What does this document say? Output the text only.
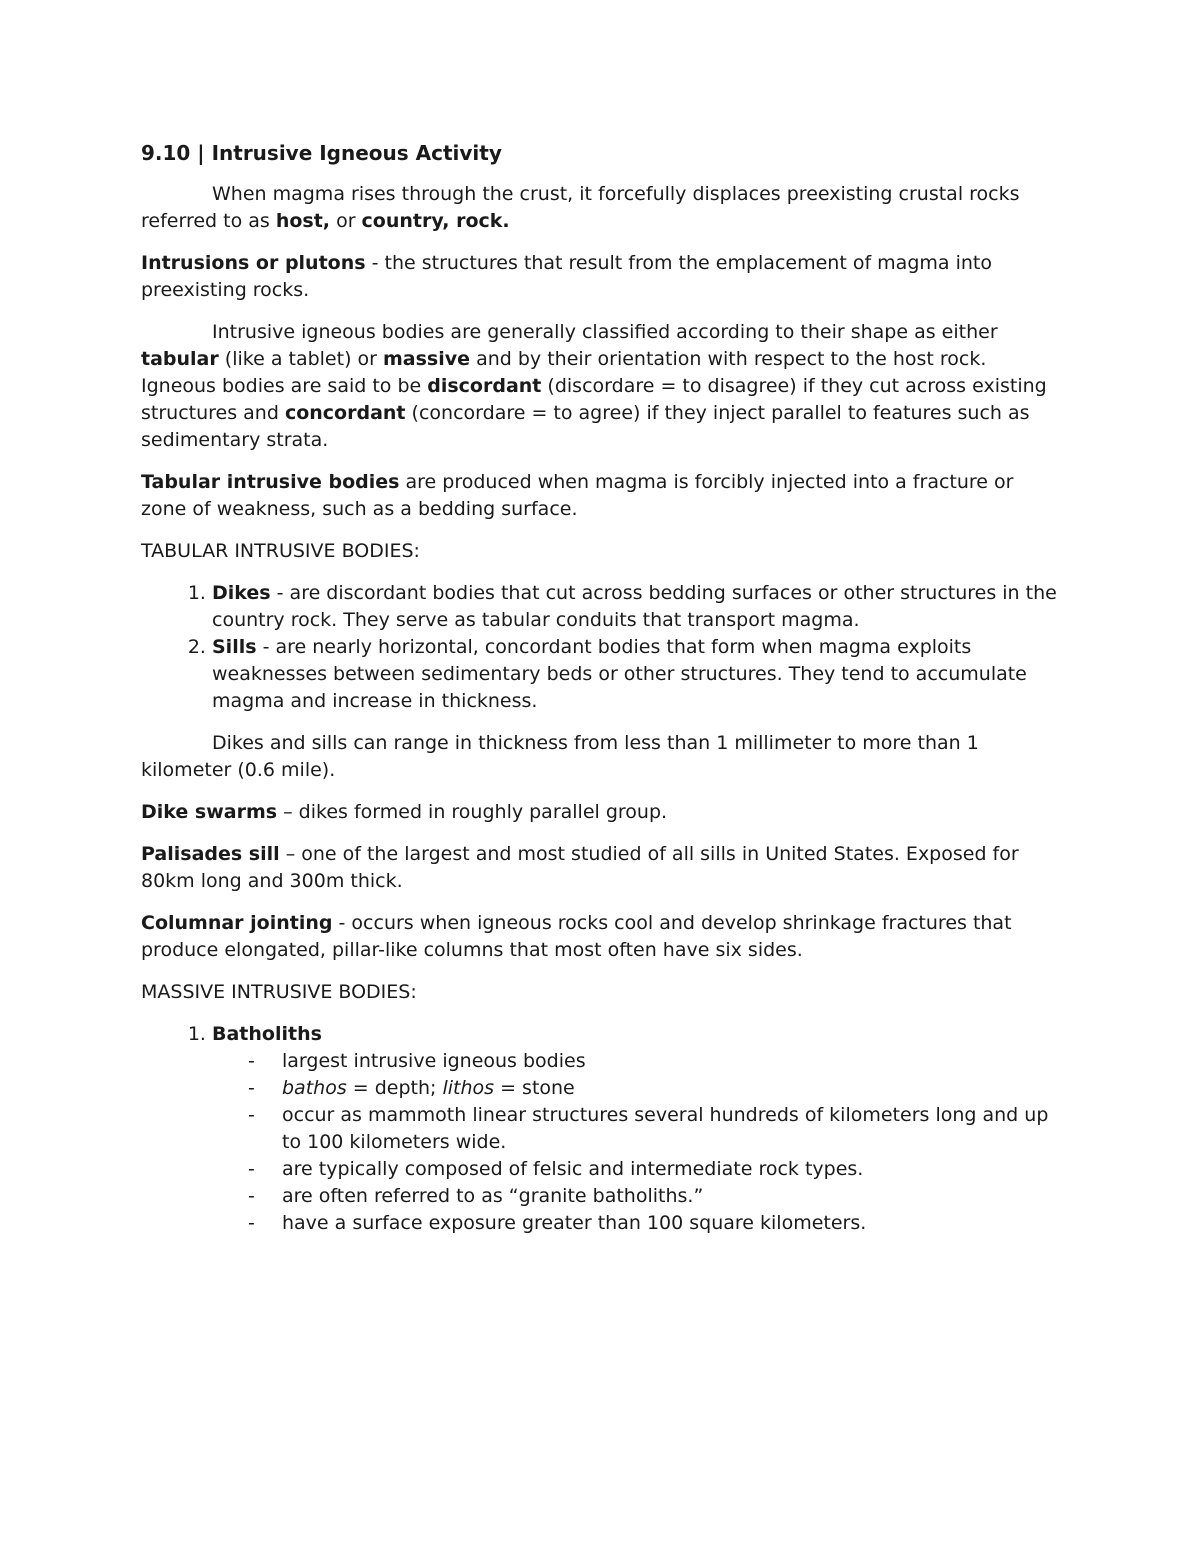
9.10 | Intrusive Igneous Activity

When magma rises through the crust, it forcefully displaces preexisting crustal rocks referred to as host, or country, rock.

Intrusions or plutons - the structures that result from the emplacement of magma into preexisting rocks.

Intrusive igneous bodies are generally classified according to their shape as either tabular (like a tablet) or massive and by their orientation with respect to the host rock. Igneous bodies are said to be discordant (discordare = to disagree) if they cut across existing structures and concordant (concordare = to agree) if they inject parallel to features such as sedimentary strata.

Tabular intrusive bodies are produced when magma is forcibly injected into a fracture or zone of weakness, such as a bedding surface.

TABULAR INTRUSIVE BODIES:

1. Dikes - are discordant bodies that cut across bedding surfaces or other structures in the country rock. They serve as tabular conduits that transport magma.
2. Sills - are nearly horizontal, concordant bodies that form when magma exploits weaknesses between sedimentary beds or other structures. They tend to accumulate magma and increase in thickness.

Dikes and sills can range in thickness from less than 1 millimeter to more than 1 kilometer (0.6 mile).

Dike swarms – dikes formed in roughly parallel group.

Palisades sill – one of the largest and most studied of all sills in United States. Exposed for 80km long and 300m thick.

Columnar jointing - occurs when igneous rocks cool and develop shrinkage fractures that produce elongated, pillar-like columns that most often have six sides.

MASSIVE INTRUSIVE BODIES:

1. Batholiths
- largest intrusive igneous bodies
- bathos = depth; lithos = stone
- occur as mammoth linear structures several hundreds of kilometers long and up to 100 kilometers wide.
- are typically composed of felsic and intermediate rock types.
- are often referred to as “granite batholiths.”
- have a surface exposure greater than 100 square kilometers.
